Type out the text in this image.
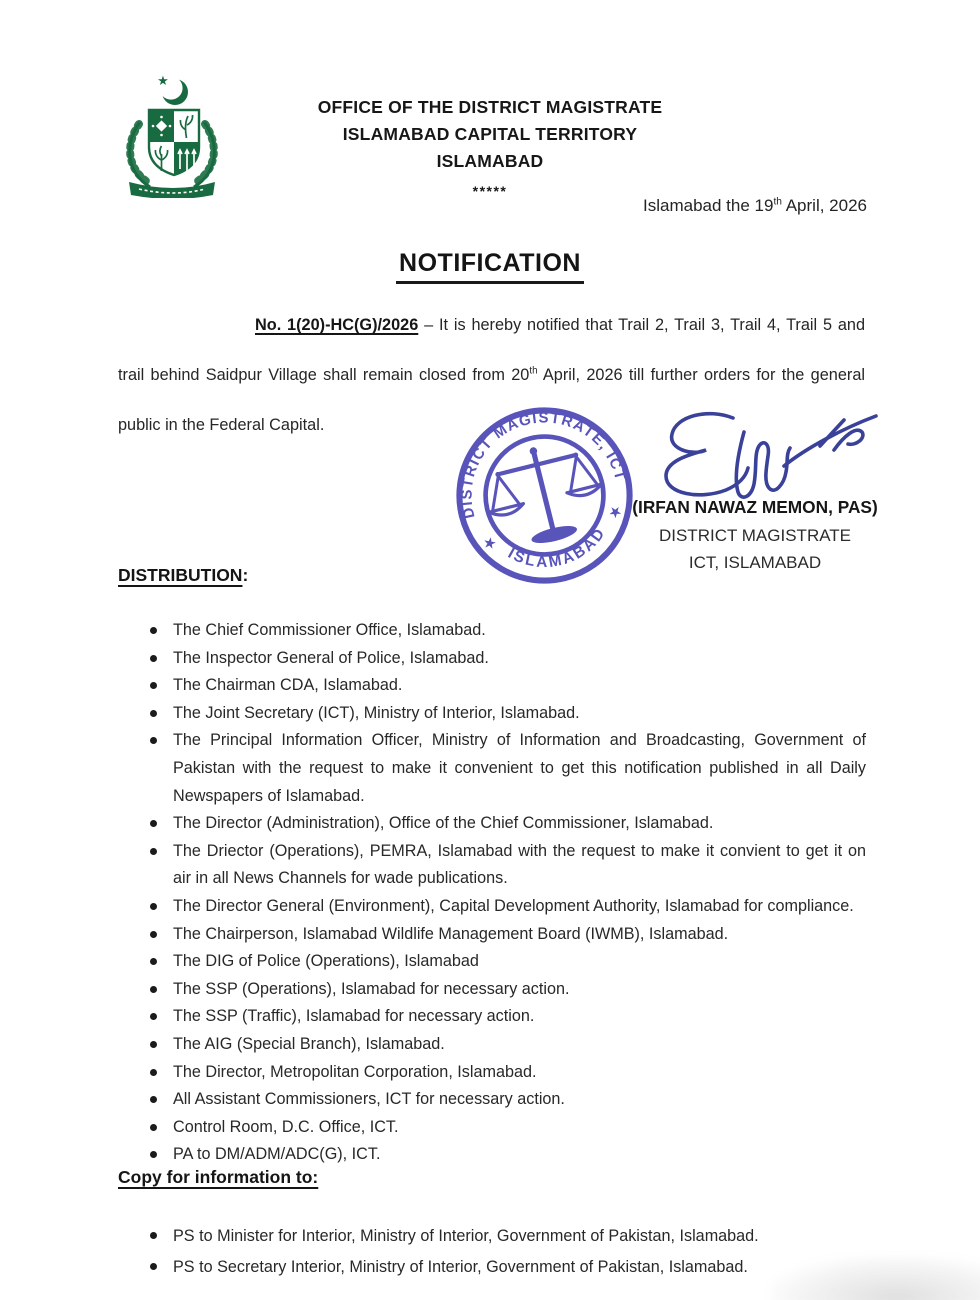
★
OFFICE OF THE DISTRICT MAGISTRATE
ISLAMABAD CAPITAL TERRITORY
ISLAMABAD
*****
Islamabad the 19th April, 2026
NOTIFICATION

No. 1(20)-HC(G)/2026 – It is hereby notified that Trail 2, Trail 3, Trail 4, Trail 5 and trail behind Saidpur Village shall remain closed from 20th April, 2026 till further orders for the general public in the Federal Capital.

DISTRICT MAGISTRATE, ICT
ISLAMABAD
★
★ (IRFAN NAWAZ MEMON, PAS)
DISTRICT MAGISTRATE
ICT, ISLAMABAD
DISTRIBUTION:
The Chief Commissioner Office, Islamabad.
The Inspector General of Police, Islamabad.
The Chairman CDA, Islamabad.
The Joint Secretary (ICT), Ministry of Interior, Islamabad.
The Principal Information Officer, Ministry of Information and Broadcasting, Government of Pakistan with the request to make it convenient to get this notification published in all Daily Newspapers of Islamabad.
The Director (Administration), Office of the Chief Commissioner, Islamabad.
The Driector (Operations), PEMRA, Islamabad with the request to make it convient to get it on air in all News Channels for wade publications.
The Director General (Environment), Capital Development Authority, Islamabad for compliance.
The Chairperson, Islamabad Wildlife Management Board (IWMB), Islamabad.
The DIG of Police (Operations), Islamabad
The SSP (Operations), Islamabad for necessary action.
The SSP (Traffic), Islamabad for necessary action.
The AIG (Special Branch), Islamabad.
The Director, Metropolitan Corporation, Islamabad.
All Assistant Commissioners, ICT for necessary action.
Control Room, D.C. Office, ICT.
PA to DM/ADM/ADC(G), ICT.
Copy for information to:
PS to Minister for Interior, Ministry of Interior, Government of Pakistan, Islamabad.
PS to Secretary Interior, Ministry of Interior, Government of Pakistan, Islamabad.
